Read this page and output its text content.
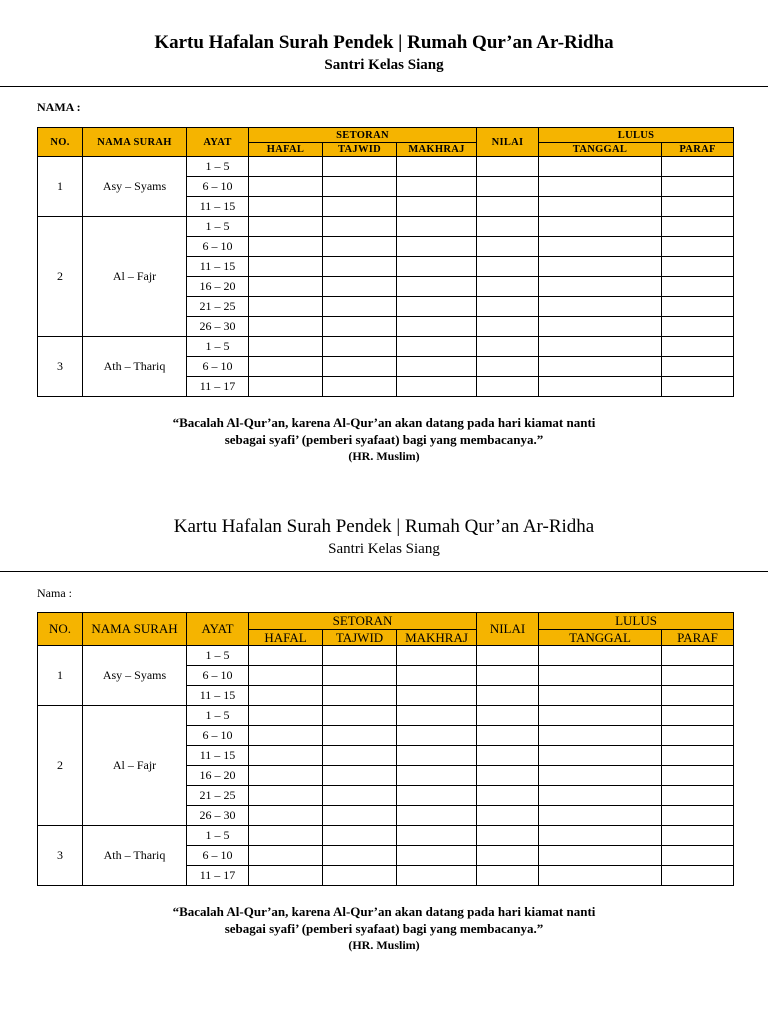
Kartu Hafalan Surah Pendek | Rumah Qur’an Ar-Ridha
Santri Kelas Siang
NAMA :
NO.	NAMA SURAH	AYAT	SETORAN			NILAI	LULUS	
			HAFAL	TAJWID	MAKHRAJ		TANGGAL	PARAF
1	Asy – Syams	1 – 5						
		6 – 10						
		11 – 15						
2	Al – Fajr	1 – 5						
		6 – 10						
		11 – 15						
		16 – 20						
		21 – 25						
		26 – 30						
3	Ath – Thariq	1 – 5						
		6 – 10						
		11 – 17						
“Bacalah Al-Qur’an, karena Al-Qur’an akan datang pada hari kiamat nanti
sebagai syafi’ (pemberi syafaat) bagi yang membacanya.”
(HR. Muslim)
Kartu Hafalan Surah Pendek | Rumah Qur’an Ar-Ridha
Santri Kelas Siang
Nama :
NO.	NAMA SURAH	AYAT	SETORAN			NILAI	LULUS	
			HAFAL	TAJWID	MAKHRAJ		TANGGAL	PARAF
1	Asy – Syams	1 – 5						
		6 – 10						
		11 – 15						
2	Al – Fajr	1 – 5						
		6 – 10						
		11 – 15						
		16 – 20						
		21 – 25						
		26 – 30						
3	Ath – Thariq	1 – 5						
		6 – 10						
		11 – 17						
“Bacalah Al-Qur’an, karena Al-Qur’an akan datang pada hari kiamat nanti
sebagai syafi’ (pemberi syafaat) bagi yang membacanya.”
(HR. Muslim)
